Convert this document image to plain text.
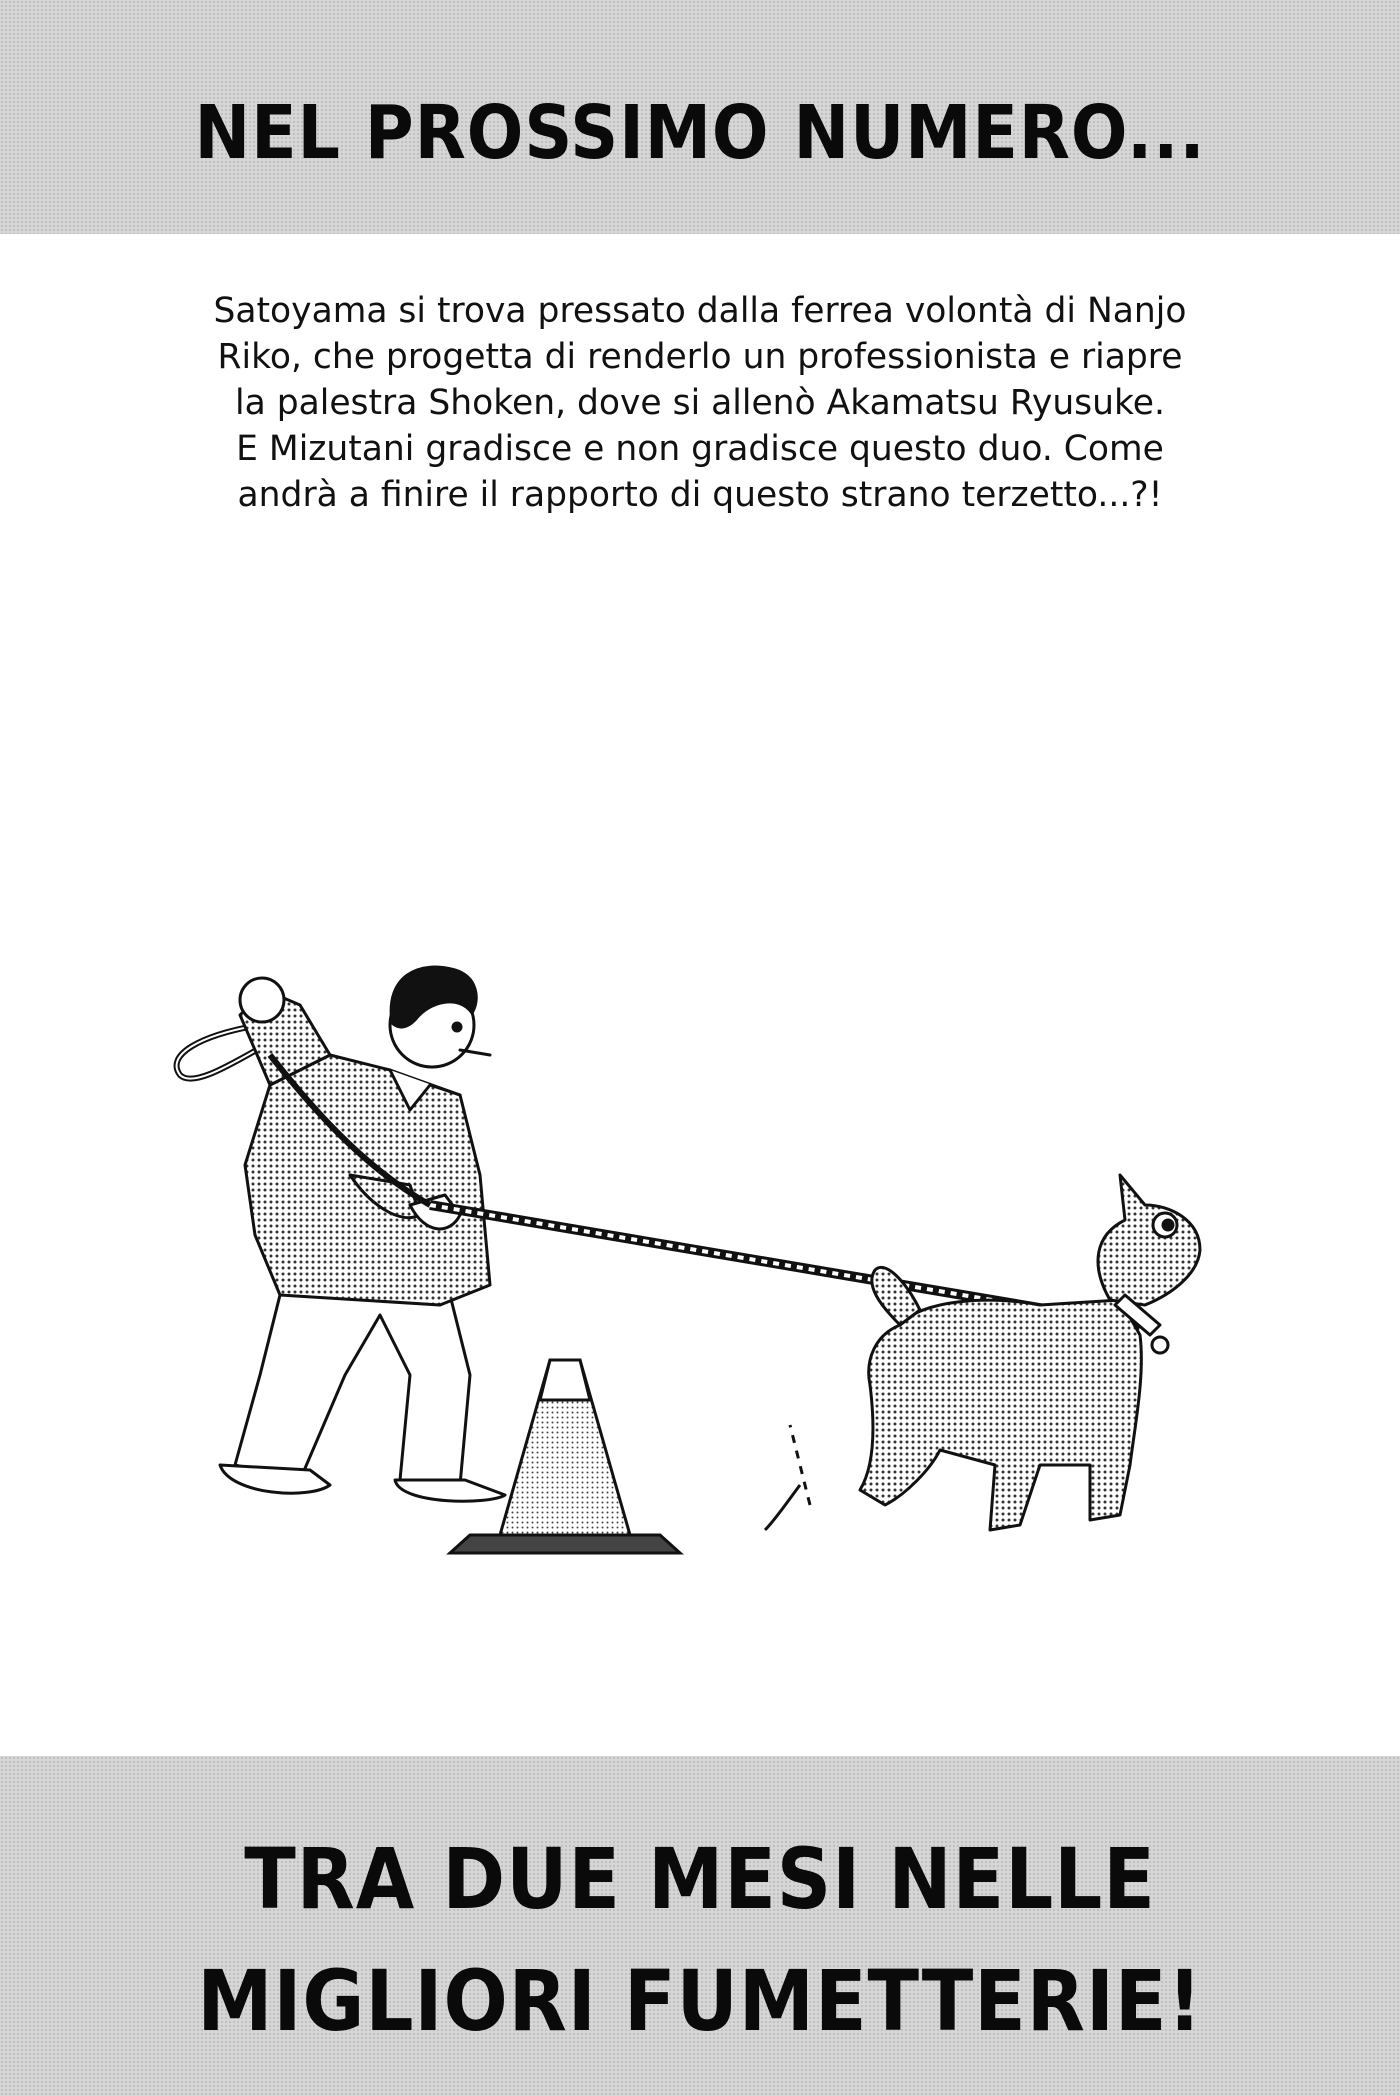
NEL PROSSIMO NUMERO...

Satoyama si trova pressato dalla ferrea volontà di Nanjo
Riko, che progetta di renderlo un professionista e riapre
la palestra Shoken, dove si allenò Akamatsu Ryusuke.
E Mizutani gradisce e non gradisce questo duo. Come
andrà a finire il rapporto di questo strano terzetto...?!

TRA DUE MESI NELLE
MIGLIORI FUMETTERIE!
